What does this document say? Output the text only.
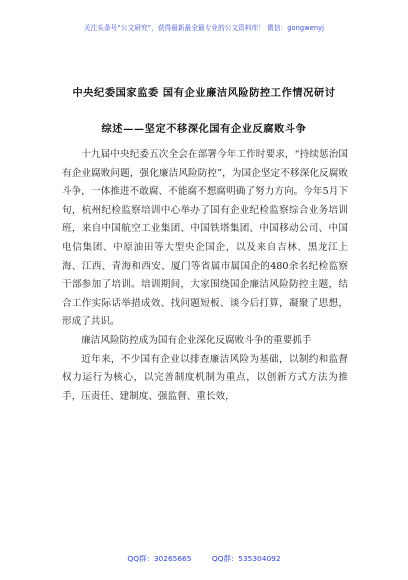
关注头条号“公文研究”，获得最新最全最专业的公文资料库！ 微信：gongwenyj
中央纪委国家监委 国有企业廉洁风险防控工作情况研讨
综述——坚定不移深化国有企业反腐败斗争

十九届中央纪委五次全会在部署今年工作时要求，“持续惩治国有企业腐败问题，强化廉洁风险防控”，为国企坚定不移深化反腐败斗争，一体推进不敢腐、不能腐不想腐明确了努力方向。今年5月下旬，杭州纪检监察培训中心举办了国有企业纪检监察综合业务培训班，来自中国航空工业集团、中国铁塔集团、中国移动公司、中国电信集团、中原油田等大型央企国企，以及来自吉林、黑龙江上海、江西、青海和西安、厦门等省属市属国企的480余名纪检监察干部参加了培训。培训期间，大家围绕国企廉洁风险防控主题，结合工作实际话举措成效、找问题短板、谈今后打算，凝聚了思想，形成了共识。

廉洁风险防控成为国有企业深化反腐败斗争的重要抓手

近年来，不少国有企业以排查廉洁风险为基础，以制约和监督权力运行为核心，以完善制度机制为重点，以创新方式方法为推手，压责任、建制度、强监督、重长效，

QQ群：30265665	QQ群：535304092
